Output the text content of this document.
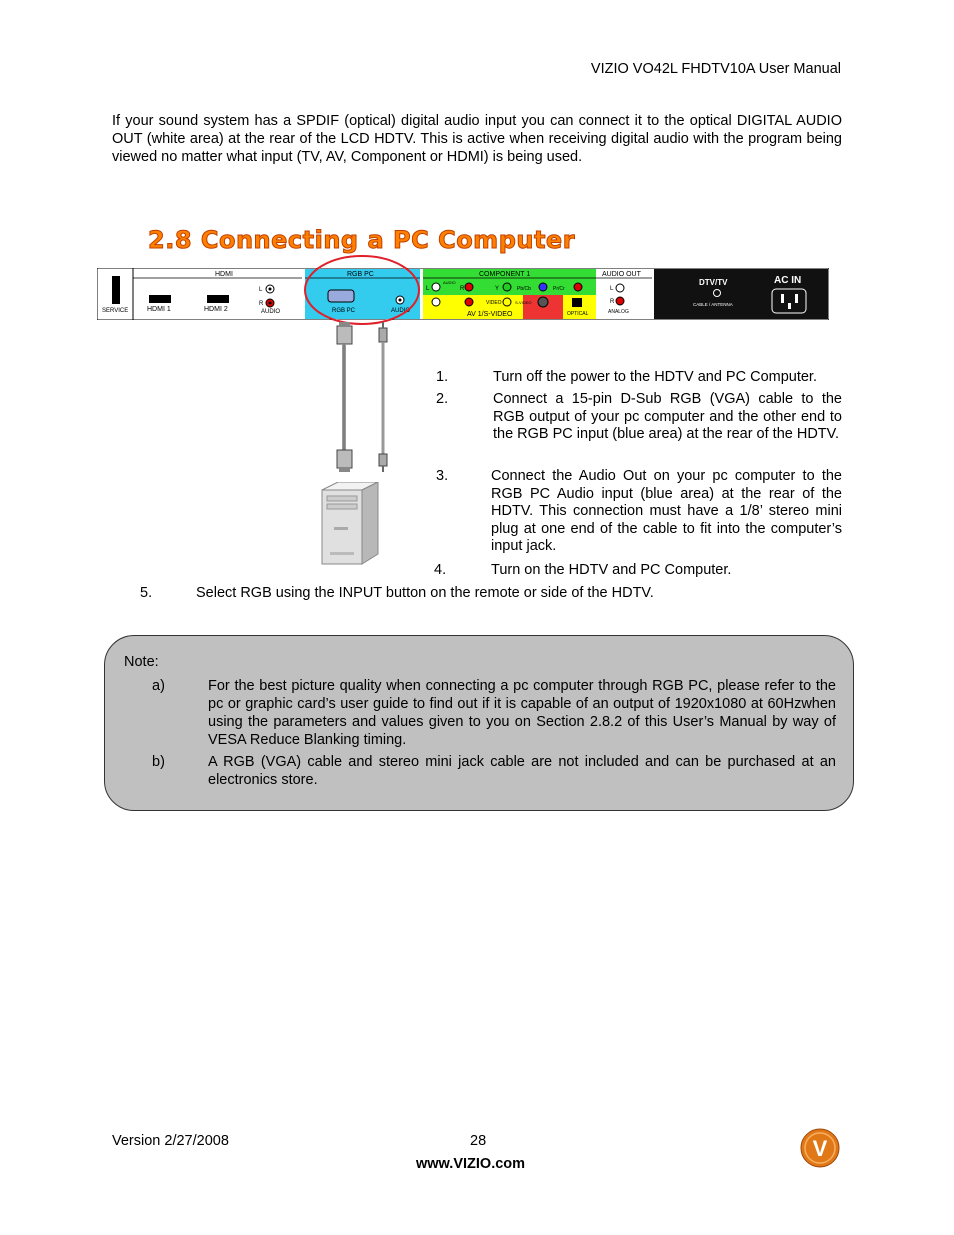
VIZIO VO42L FHDTV10A User Manual
If your sound system has a SPDIF (optical) digital audio input you can connect it to the optical DIGITAL AUDIO OUT (white area) at the rear of the LCD HDTV. This is active when receiving digital audio with the program being viewed no matter what input (TV, AV, Component or HDMI) is being used.
2.8 Connecting a PC Computer
SERVICE
HDMI
HDMI 1	HDMI 2
L
R
AUDIO
RGB PC
RGB PC	AUDIO
COMPONENT 1
L	R	Y	Pb/Cb	Pr/Cr
AUDIO
VIDEO	S-VIDEO
AV 1/S-VIDEO
AUDIO OUT
OPTICAL
L
R
ANALOG
DTV/TV
CABLE / ANTENNA
AC IN
1.	Turn off the power to the HDTV and PC Computer.
2.	Connect a 15-pin D-Sub RGB (VGA) cable to the RGB output of your pc computer and the other end to the RGB PC input (blue area) at the rear of the HDTV.
3.	Connect the Audio Out on your pc computer to the RGB PC Audio input (blue area) at the rear of the HDTV. This connection must have a 1/8’ stereo mini plug at one end of the cable to fit into the computer’s input jack.
4.	Turn on the HDTV and PC Computer.
5.	Select RGB using the INPUT button on the remote or side of the HDTV.
Note:
a)	For the best picture quality when connecting a pc computer through RGB PC, please refer to the pc or graphic card’s user guide to find out if it is capable of an output of 1920x1080 at 60Hzwhen using the parameters and values given to you on Section 2.8.2 of this User’s Manual by way of VESA Reduce Blanking timing.
b)	A RGB (VGA) cable and stereo mini jack cable are not included and can be purchased at an electronics store.
Version 2/27/2008	28
www.VIZIO.com
V
